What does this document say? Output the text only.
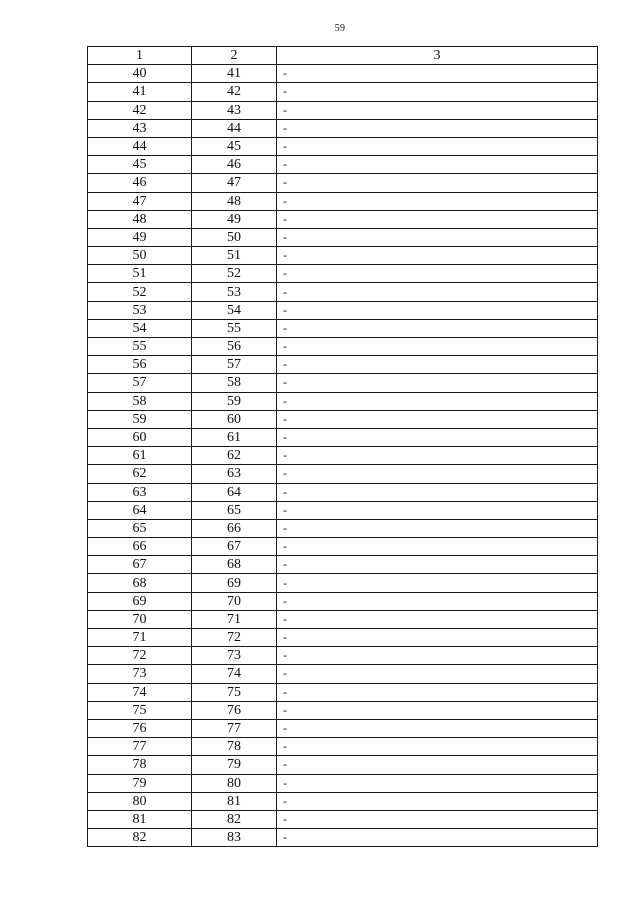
59
1	2	3
40	41	-
41	42	-
42	43	-
43	44	-
44	45	-
45	46	-
46	47	-
47	48	-
48	49	-
49	50	-
50	51	-
51	52	-
52	53	-
53	54	-
54	55	-
55	56	-
56	57	-
57	58	-
58	59	-
59	60	-
60	61	-
61	62	-
62	63	-
63	64	-
64	65	-
65	66	-
66	67	-
67	68	-
68	69	-
69	70	-
70	71	-
71	72	-
72	73	-
73	74	-
74	75	-
75	76	-
76	77	-
77	78	-
78	79	-
79	80	-
80	81	-
81	82	-
82	83	-
